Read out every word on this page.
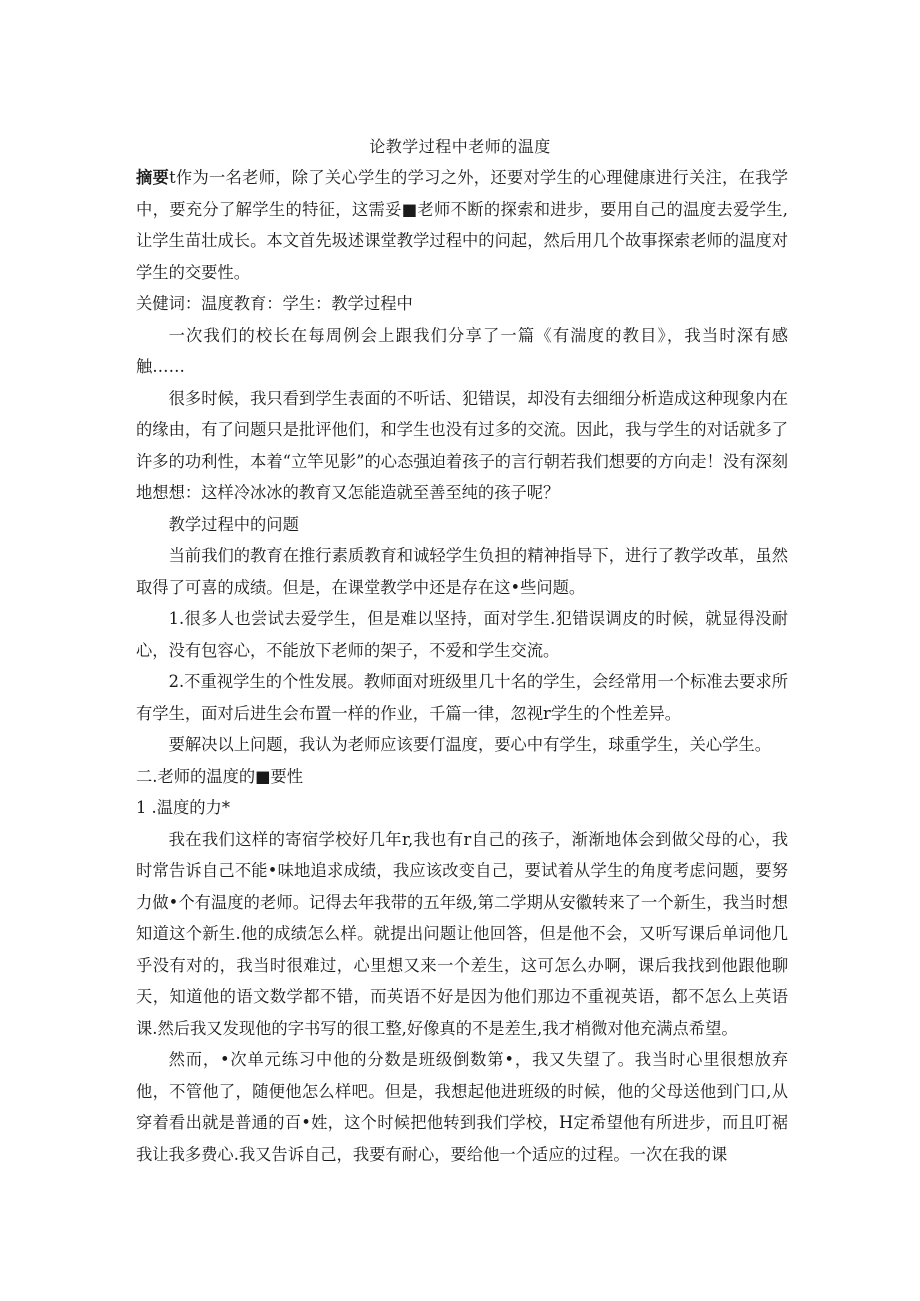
论教学过程中老师的温度

摘要t作为一名老师，除了关心学生的学习之外，还要对学生的心理健康进行关注，在我学中，要充分了解学生的特征，这需妥■老师不断的探索和进步，要用自己的温度去爱学生,让学生苗壮成长。本文首先圾述课堂教学过程中的问起，然后用几个故事探索老师的温度对学生的交要性。

关健词：温度教育：学生：教学过程中

一次我们的校长在每周例会上跟我们分享了一篇《有湍度的教目》，我当时深有感触……

很多时候，我只看到学生表面的不听话、犯错误，却没有去细细分析造成这种现象内在的缘由，有了问题只是批评他们，和学生也没有过多的交流。因此，我与学生的对话就多了许多的功利性，本着“立竿见影”的心态强迫着孩子的言行朝若我们想要的方向走！没有深刻地想想：这样冷冰冰的教育又怎能造就至善至纯的孩子呢？

教学过程中的问题

当前我们的教育在推行素质教育和诚轻学生负担的精神指导下，进行了教学改革，虽然取得了可喜的成绩。但是，在课堂教学中还是存在这•些问题。

1.很多人也尝试去爱学生，但是难以坚持，面对学生.犯错误调皮的时候，就显得没耐心，没有包容心，不能放下老师的架子，不爱和学生交流。

2.不重视学生的个性发展。教师面对班级里几十名的学生，会经常用一个标准去要求所有学生，面对后进生会布置一样的作业，千篇一律，忽视r学生的个性差异。

要解决以上问题，我认为老师应该要仃温度，要心中有学生，球重学生，关心学生。

二.老师的温度的■要性

1 .温度的力*

我在我们这样的寄宿学校好几年r,我也有r自己的孩子，渐渐地体会到做父母的心，我时常告诉自己不能•味地追求成绩，我应该改变自己，要试着从学生的角度考虑问题，要努力做•个有温度的老师。记得去年我带的五年级,第二学期从安徽转来了一个新生，我当时想知道这个新生.他的成绩怎么样。就提出问题让他回答，但是他不会，又听写课后单词他几乎没有对的，我当时很难过，心里想又来一个差生，这可怎么办啊，课后我找到他跟他聊天，知道他的语文数学都不错，而英语不好是因为他们那边不重视英语，都不怎么上英语课.然后我又发现他的字书写的很工整,好像真的不是差生,我才梢微对他充满点希望。

然而，•次单元练习中他的分数是班级倒数第•，我又失望了。我当时心里很想放弃他，不管他了，随便他怎么样吧。但是，我想起他进班级的时候，他的父母送他到门口,从穿着看出就是普通的百•姓，这个时候把他转到我们学校，H定希望他有所进步，而且叮裾我让我多费心.我又告诉自己，我要有耐心，要给他一个适应的过程。一次在我的课
